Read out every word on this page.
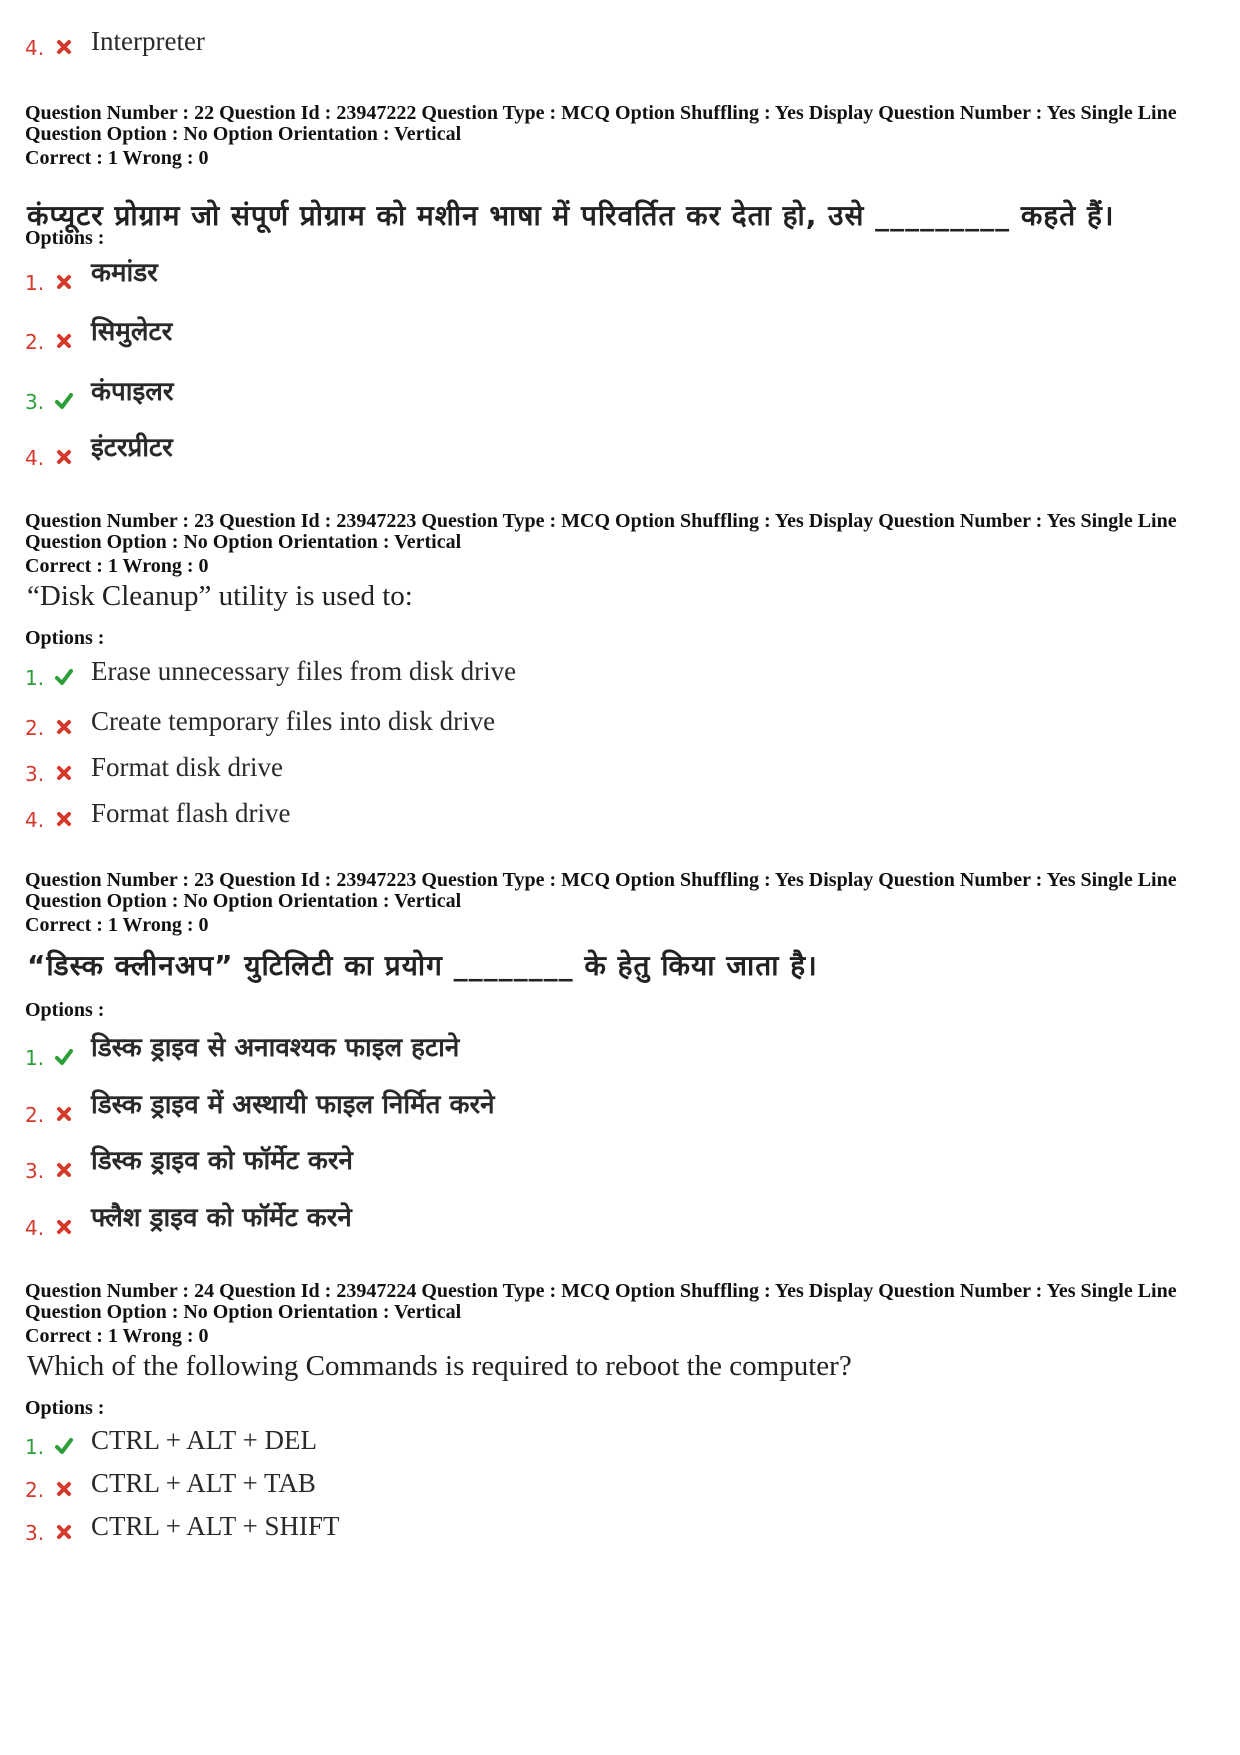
4. Interpreter
Question Number : 22 Question Id : 23947222 Question Type : MCQ Option Shuffling : Yes Display Question Number : Yes Single Line Question Option : No Option Orientation : Vertical
Correct : 1 Wrong : 0
कंप्यूटर प्रोग्राम जो संपूर्ण प्रोग्राम को मशीन भाषा में परिवर्तित कर देता हो, उसे _________ कहते हैं।
Options :
1. कमांडर
2. सिमुलेटर
3. कंपाइलर
4. इंटरप्रीटर
Question Number : 23 Question Id : 23947223 Question Type : MCQ Option Shuffling : Yes Display Question Number : Yes Single Line Question Option : No Option Orientation : Vertical
Correct : 1 Wrong : 0
“Disk Cleanup” utility is used to:
Options :
1. Erase unnecessary files from disk drive
2. Create temporary files into disk drive
3. Format disk drive
4. Format flash drive
Question Number : 23 Question Id : 23947223 Question Type : MCQ Option Shuffling : Yes Display Question Number : Yes Single Line Question Option : No Option Orientation : Vertical
Correct : 1 Wrong : 0
“डिस्क क्लीनअप” युटिलिटी का प्रयोग ________ के हेतु किया जाता है।
Options :
1. डिस्क ड्राइव से अनावश्यक फाइल हटाने
2. डिस्क ड्राइव में अस्थायी फाइल निर्मित करने
3. डिस्क ड्राइव को फॉर्मेट करने
4. फ्लैश ड्राइव को फॉर्मेट करने
Question Number : 24 Question Id : 23947224 Question Type : MCQ Option Shuffling : Yes Display Question Number : Yes Single Line Question Option : No Option Orientation : Vertical
Correct : 1 Wrong : 0
Which of the following Commands is required to reboot the computer?
Options :
1. CTRL + ALT + DEL
2. CTRL + ALT + TAB
3. CTRL + ALT + SHIFT
